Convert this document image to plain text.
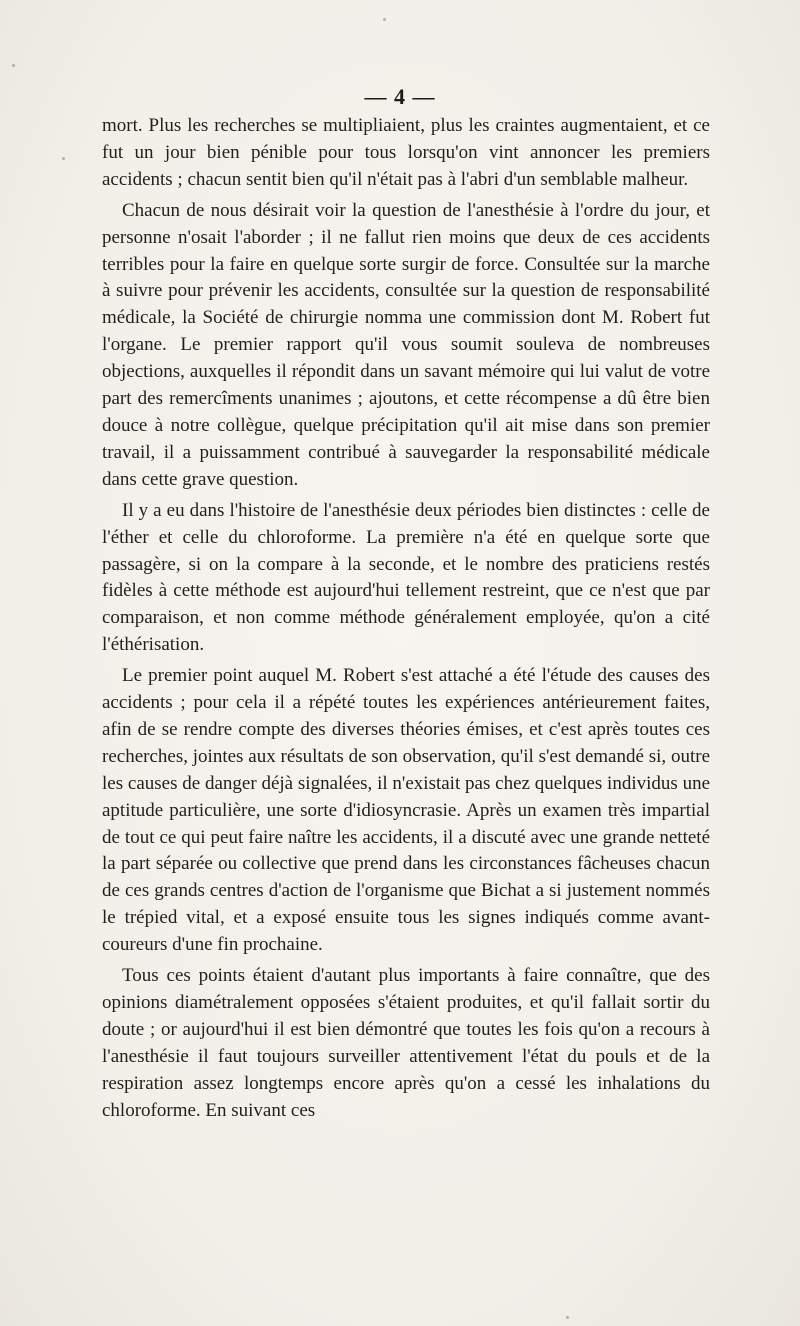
— 4 —

mort. Plus les recherches se multipliaient, plus les craintes augmentaient, et ce fut un jour bien pénible pour tous lorsqu'on vint annoncer les premiers accidents ; chacun sentit bien qu'il n'était pas à l'abri d'un semblable malheur.

Chacun de nous désirait voir la question de l'anesthésie à l'ordre du jour, et personne n'osait l'aborder ; il ne fallut rien moins que deux de ces accidents terribles pour la faire en quelque sorte surgir de force. Consultée sur la marche à suivre pour prévenir les accidents, consultée sur la question de responsabilité médicale, la Société de chirurgie nomma une commission dont M. Robert fut l'organe. Le premier rapport qu'il vous soumit souleva de nombreuses objections, auxquelles il répondit dans un savant mémoire qui lui valut de votre part des remercîments unanimes ; ajoutons, et cette récompense a dû être bien douce à notre collègue, quelque précipitation qu'il ait mise dans son premier travail, il a puissamment contribué à sauvegarder la responsabilité médicale dans cette grave question.

Il y a eu dans l'histoire de l'anesthésie deux périodes bien distinctes : celle de l'éther et celle du chloroforme. La première n'a été en quelque sorte que passagère, si on la compare à la seconde, et le nombre des praticiens restés fidèles à cette méthode est aujourd'hui tellement restreint, que ce n'est que par comparaison, et non comme méthode généralement employée, qu'on a cité l'éthérisation.

Le premier point auquel M. Robert s'est attaché a été l'étude des causes des accidents ; pour cela il a répété toutes les expériences antérieurement faites, afin de se rendre compte des diverses théories émises, et c'est après toutes ces recherches, jointes aux résultats de son observation, qu'il s'est demandé si, outre les causes de danger déjà signalées, il n'existait pas chez quelques individus une aptitude particulière, une sorte d'idiosyncrasie. Après un examen très impartial de tout ce qui peut faire naître les accidents, il a discuté avec une grande netteté la part séparée ou collective que prend dans les circonstances fâcheuses chacun de ces grands centres d'action de l'organisme que Bichat a si justement nommés le trépied vital, et a exposé ensuite tous les signes indiqués comme avant-coureurs d'une fin prochaine.

Tous ces points étaient d'autant plus importants à faire connaître, que des opinions diamétralement opposées s'étaient produites, et qu'il fallait sortir du doute ; or aujourd'hui il est bien démontré que toutes les fois qu'on a recours à l'anesthésie il faut toujours surveiller attentivement l'état du pouls et de la respiration assez longtemps encore après qu'on a cessé les inhalations du chloroforme. En suivant ces
